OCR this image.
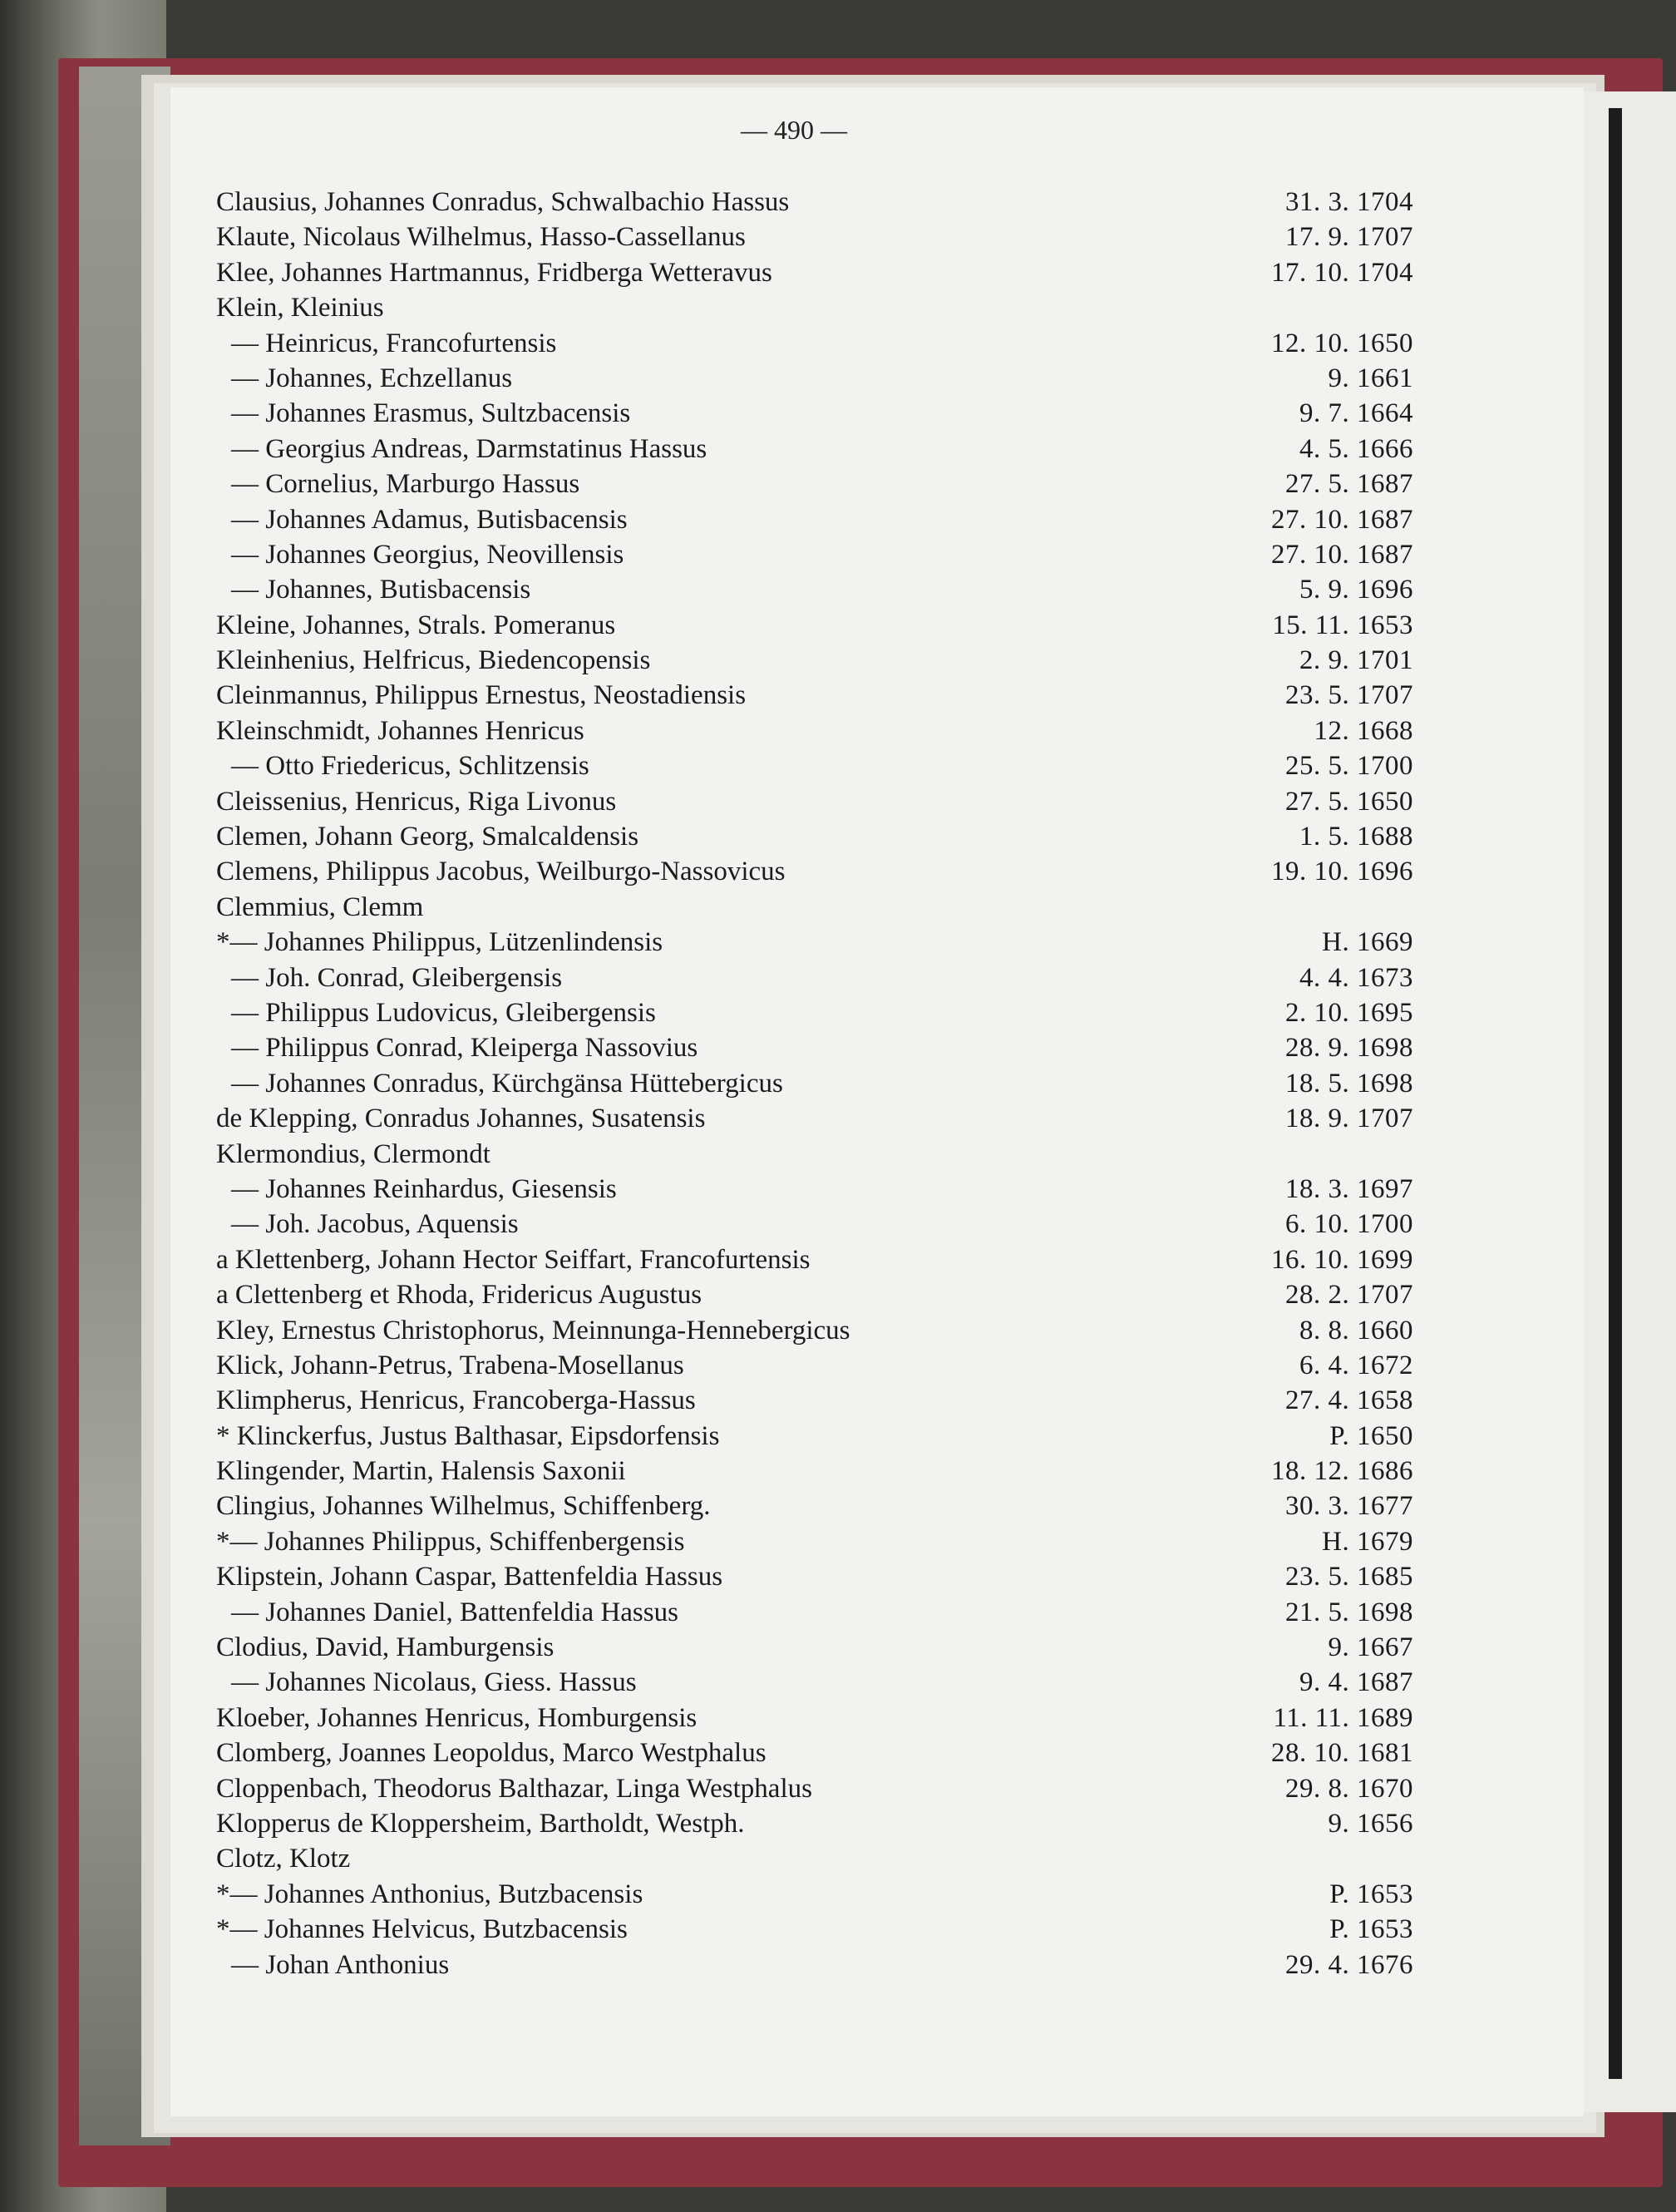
— 490 —
Clausius, Johannes Conradus, Schwalbachio Hassus	31. 3. 1704
Klaute, Nicolaus Wilhelmus, Hasso-Cassellanus	17. 9. 1707
Klee, Johannes Hartmannus, Fridberga Wetteravus	17. 10. 1704
Klein, Kleinius
— Heinricus, Francofurtensis	12. 10. 1650
— Johannes, Echzellanus	9. 1661
— Johannes Erasmus, Sultzbacensis	9. 7. 1664
— Georgius Andreas, Darmstatinus Hassus	4. 5. 1666
— Cornelius, Marburgo Hassus	27. 5. 1687
— Johannes Adamus, Butisbacensis	27. 10. 1687
— Johannes Georgius, Neovillensis	27. 10. 1687
— Johannes, Butisbacensis	5. 9. 1696
Kleine, Johannes, Strals. Pomeranus	15. 11. 1653
Kleinhenius, Helfricus, Biedencopensis	2. 9. 1701
Cleinmannus, Philippus Ernestus, Neostadiensis	23. 5. 1707
Kleinschmidt, Johannes Henricus	12. 1668
— Otto Friedericus, Schlitzensis	25. 5. 1700
Cleissenius, Henricus, Riga Livonus	27. 5. 1650
Clemen, Johann Georg, Smalcaldensis	1. 5. 1688
Clemens, Philippus Jacobus, Weilburgo-Nassovicus	19. 10. 1696
Clemmius, Clemm
*— Johannes Philippus, Lützenlindensis	H. 1669
— Joh. Conrad, Gleibergensis	4. 4. 1673
— Philippus Ludovicus, Gleibergensis	2. 10. 1695
— Philippus Conrad, Kleiperga Nassovius	28. 9. 1698
— Johannes Conradus, Kürchgänsa Hüttebergicus	18. 5. 1698
de Klepping, Conradus Johannes, Susatensis	18. 9. 1707
Klermondius, Clermondt
— Johannes Reinhardus, Giesensis	18. 3. 1697
— Joh. Jacobus, Aquensis	6. 10. 1700
a Klettenberg, Johann Hector Seiffart, Francofurtensis	16. 10. 1699
a Clettenberg et Rhoda, Fridericus Augustus	28. 2. 1707
Kley, Ernestus Christophorus, Meinnunga-Hennebergicus	8. 8. 1660
Klick, Johann-Petrus, Trabena-Mosellanus	6. 4. 1672
Klimpherus, Henricus, Francoberga-Hassus	27. 4. 1658
* Klinckerfus, Justus Balthasar, Eipsdorfensis	P. 1650
Klingender, Martin, Halensis Saxonii	18. 12. 1686
Clingius, Johannes Wilhelmus, Schiffenberg.	30. 3. 1677
*— Johannes Philippus, Schiffenbergensis	H. 1679
Klipstein, Johann Caspar, Battenfeldia Hassus	23. 5. 1685
— Johannes Daniel, Battenfeldia Hassus	21. 5. 1698
Clodius, David, Hamburgensis	9. 1667
— Johannes Nicolaus, Giess. Hassus	9. 4. 1687
Kloeber, Johannes Henricus, Homburgensis	11. 11. 1689
Clomberg, Joannes Leopoldus, Marco Westphalus	28. 10. 1681
Cloppenbach, Theodorus Balthazar, Linga Westphalus	29. 8. 1670
Klopperus de Kloppersheim, Bartholdt, Westph.	9. 1656
Clotz, Klotz
*— Johannes Anthonius, Butzbacensis	P. 1653
*— Johannes Helvicus, Butzbacensis	P. 1653
— Johan Anthonius	29. 4. 1676
